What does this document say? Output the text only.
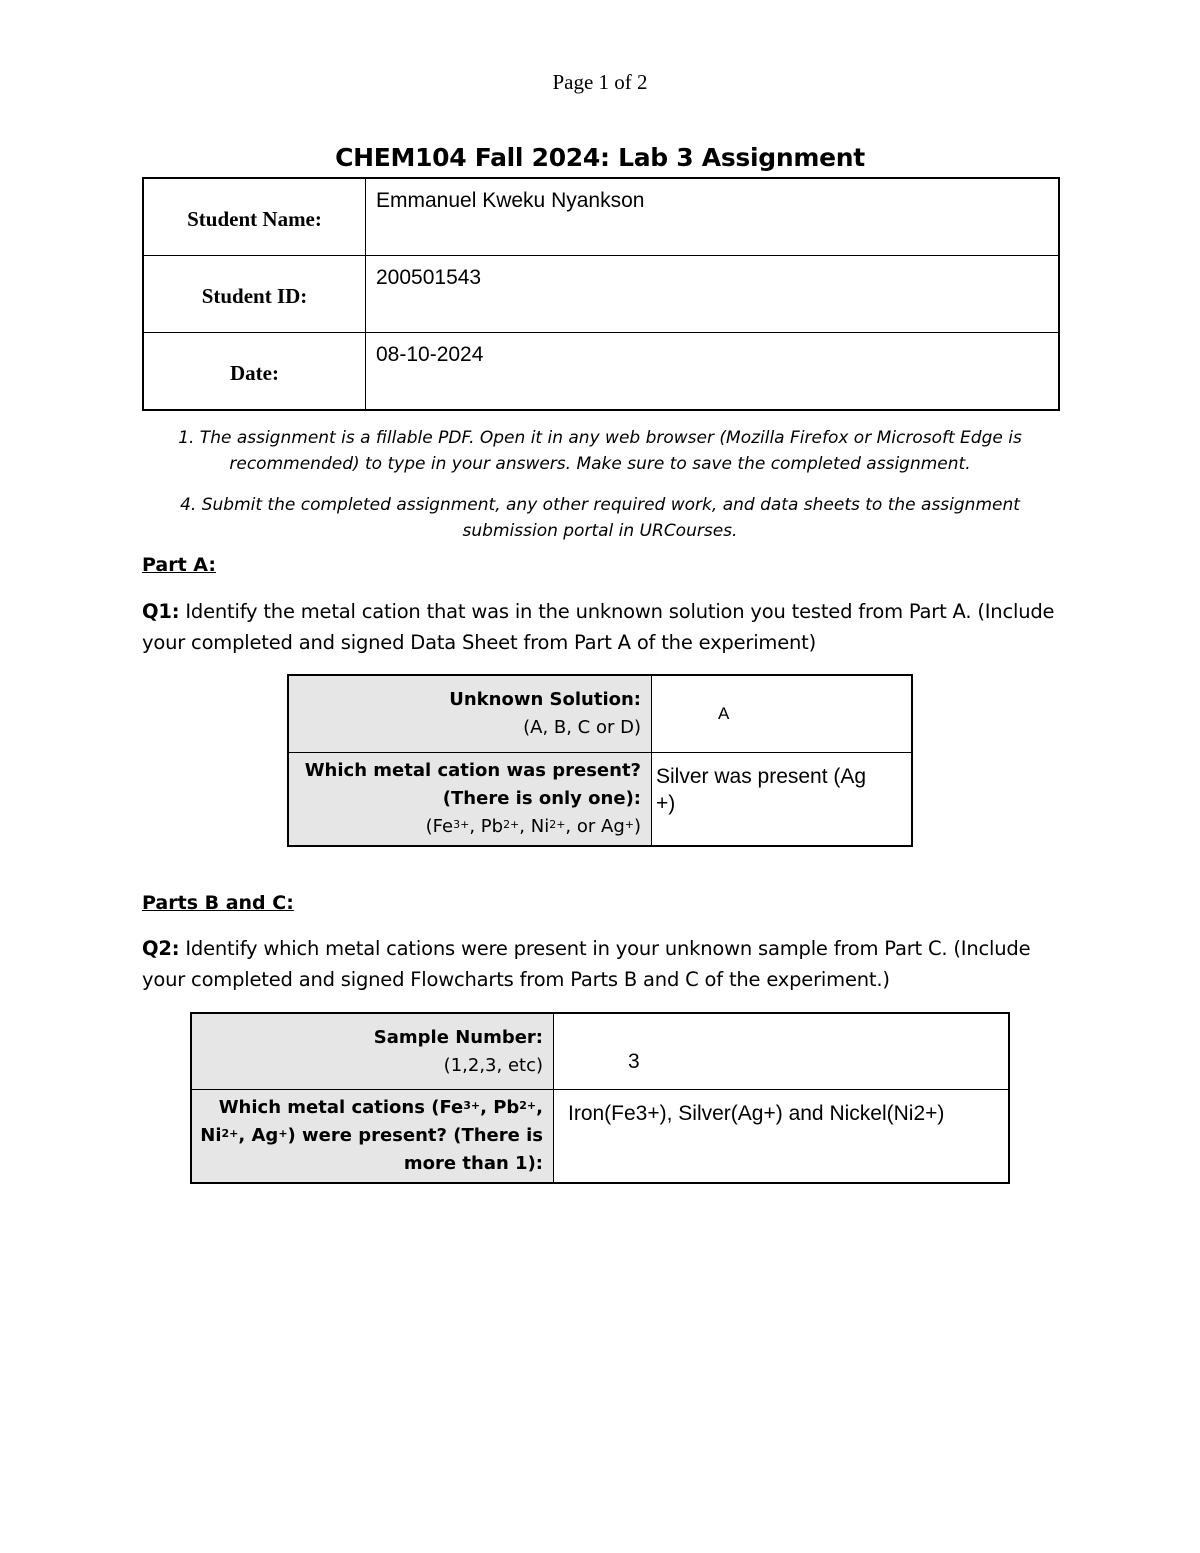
Page 1 of 2
CHEM104 Fall 2024: Lab 3 Assignment
Student Name:	Emmanuel Kweku Nyankson
Student ID:	200501543
Date:	08-10-2024
1. The assignment is a fillable PDF. Open it in any web browser (Mozilla Firefox or Microsoft Edge is recommended) to type in your answers. Make sure to save the completed assignment.
4. Submit the completed assignment, any other required work, and data sheets to the assignment submission portal in URCourses.
Part A:
Q1: Identify the metal cation that was in the unknown solution you tested from Part A. (Include your completed and signed Data Sheet from Part A of the experiment)
Unknown Solution:
(A, B, C or D)	A

Which metal cation was present?
(There is only one):
($Fe^{3+}$, $Pb^{2+}$, $Ni^{2+}$, or Ag+)	Silver was present (Ag +)
Parts B and C:
Q2: Identify which metal cations were present in your unknown sample from Part C. (Include your completed and signed Flowcharts from Parts B and C of the experiment.)
Sample Number:
(1,2,3, etc)	3
Which metal cations ($Fe^{3+}$, $Pb^{2+}$, $Ni^{2+}$, Ag+) were present? (There is more than 1):	Iron(Fe3+), Silver(Ag+) and Nickel(Ni2+)
